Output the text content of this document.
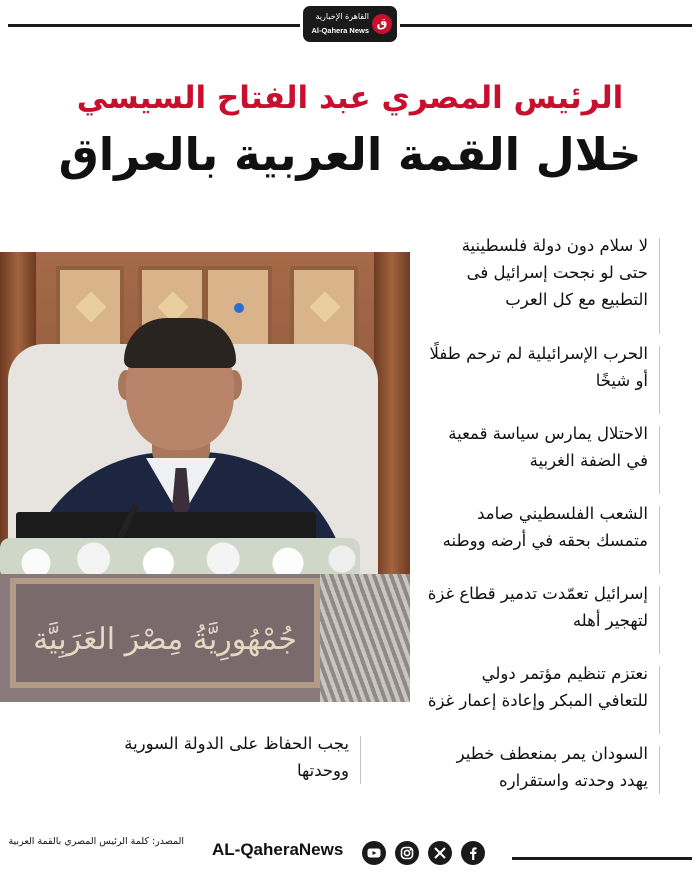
القاهرة الإخبارية
Al-Qahera News
ق
الرئيس المصري عبد الفتاح السيسي
خلال القمة العربية بالعراق
جُمْهُورِيَّةُ مِصْرَ العَرَبِيَّة

لا سلام دون دولة فلسطينية

حتى لو نجحت إسرائيل فى

التطبيع مع كل العرب

الحرب الإسرائيلية لم ترحم طفلًا

أو شيخًا

الاحتلال يمارس سياسة قمعية

في الضفة الغربية

الشعب الفلسطيني صامد

متمسك بحقه في أرضه ووطنه

إسرائيل تعمّدت تدمير قطاع غزة

لتهجير أهله

نعتزم تنظيم مؤتمر دولي

للتعافي المبكر وإعادة إعمار غزة

السودان يمر بمنعطف خطير

يهدد وحدته واستقراره

يجب الحفاظ على الدولة السورية

ووحدتها

المصدر: كلمة الرئيس المصري بالقمة العربية AL-QaheraNews
